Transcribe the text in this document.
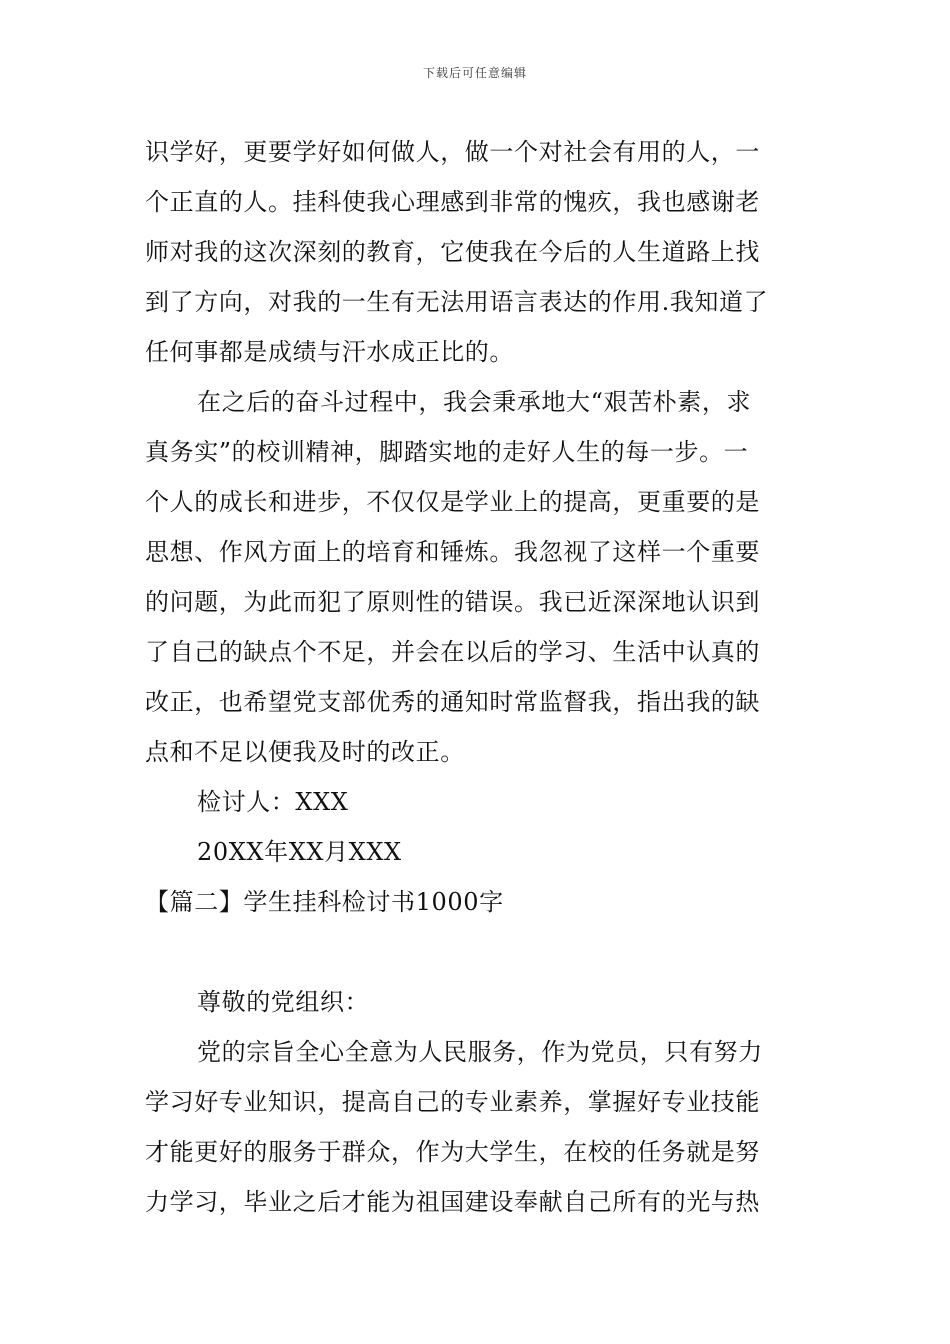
下载后可任意编辑
识学好，更要学好如何做人，做一个对社会有用的人，一
个正直的人。挂科使我心理感到非常的愧疚，我也感谢老
师对我的这次深刻的教育，它使我在今后的人生道路上找
到了方向，对我的一生有无法用语言表达的作用.我知道了
任何事都是成绩与汗水成正比的。
在之后的奋斗过程中，我会秉承地大“艰苦朴素，求
真务实”的校训精神，脚踏实地的走好人生的每一步。一
个人的成长和进步，不仅仅是学业上的提高，更重要的是
思想、作风方面上的培育和锤炼。我忽视了这样一个重要
的问题，为此而犯了原则性的错误。我已近深深地认识到
了自己的缺点个不足，并会在以后的学习、生活中认真的
改正，也希望党支部优秀的通知时常监督我，指出我的缺
点和不足以便我及时的改正。
检讨人：XXX
20XX年XX月XXX
【篇二】学生挂科检讨书1000字
尊敬的党组织：
党的宗旨全心全意为人民服务，作为党员，只有努力
学习好专业知识，提高自己的专业素养，掌握好专业技能
才能更好的服务于群众，作为大学生，在校的任务就是努
力学习，毕业之后才能为祖国建设奉献自己所有的光与热
